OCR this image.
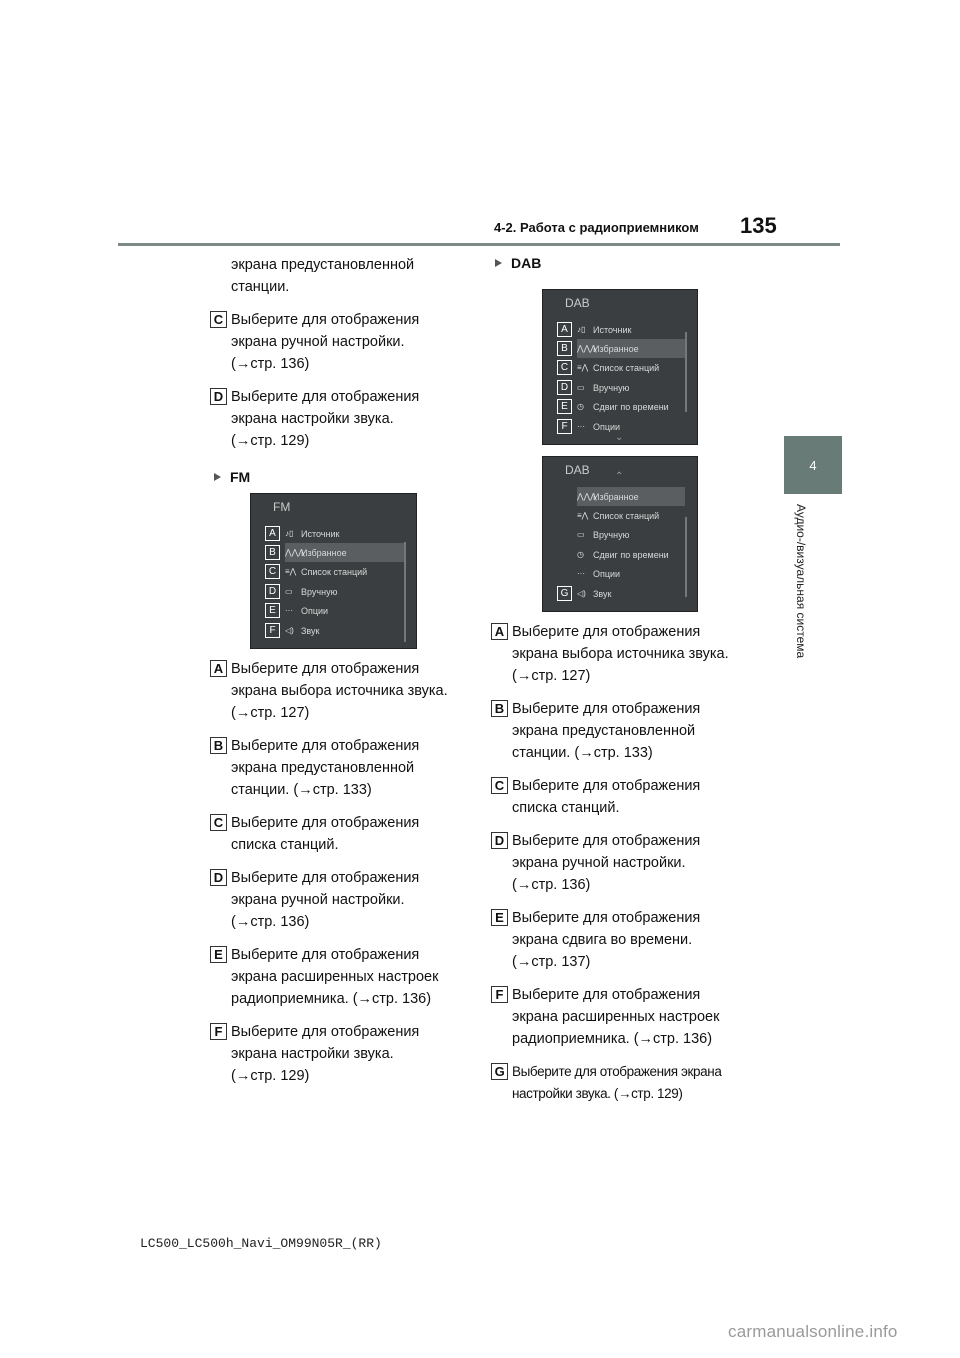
4-2. Работа с радиоприемником 135
4
Аудио-/визуальная система
экрана предустановленной
станции.
C Выберите для отображения
экрана ручной настройки.
(→стр. 136)
D Выберите для отображения
экрана настройки звука.
(→стр. 129)
FM
FM
♪▯ Источник
⋀⋀⋀
Избранное
≡⋀ Список станций
▭ Вручную
··· Опции
◁) Звук
A
B
C
D
E
F
A Выберите для отображения
экрана выбора источника звука.
(→стр. 127)
B Выберите для отображения
экрана предустановленной
станции. (→стр. 133)
C Выберите для отображения
списка станций.
D Выберите для отображения
экрана ручной настройки.
(→стр. 136)
E Выберите для отображения
экрана расширенных настроек
радиоприемника. (→стр. 136)
F Выберите для отображения
экрана настройки звука.
(→стр. 129)
DAB
DAB
♪▯ Источник
⋀⋀⋀
Избранное
≡⋀ Список станций
▭ Вручную
◷	Сдвиг по времени
··· Опции
⌄
A
B
C
D
E
F
⌃
DAB
⋀⋀⋀
Избранное
≡⋀ Список станций
▭ Вручную
◷	Сдвиг по времени
··· Опции
◁) Звук
G
A Выберите для отображения
экрана выбора источника звука.
(→стр. 127)
B Выберите для отображения
экрана предустановленной
станции. (→стр. 133)
C Выберите для отображения
списка станций.
D Выберите для отображения
экрана ручной настройки.
(→стр. 136)
E Выберите для отображения
экрана сдвига во времени.
(→стр. 137)
F Выберите для отображения
экрана расширенных настроек
радиоприемника. (→стр. 136)
G Выберите для отображения экрана
настройки звука. (→стр. 129)
LC500_LC500h_Navi_OM99N05R_(RR)
carmanualsonline.info
